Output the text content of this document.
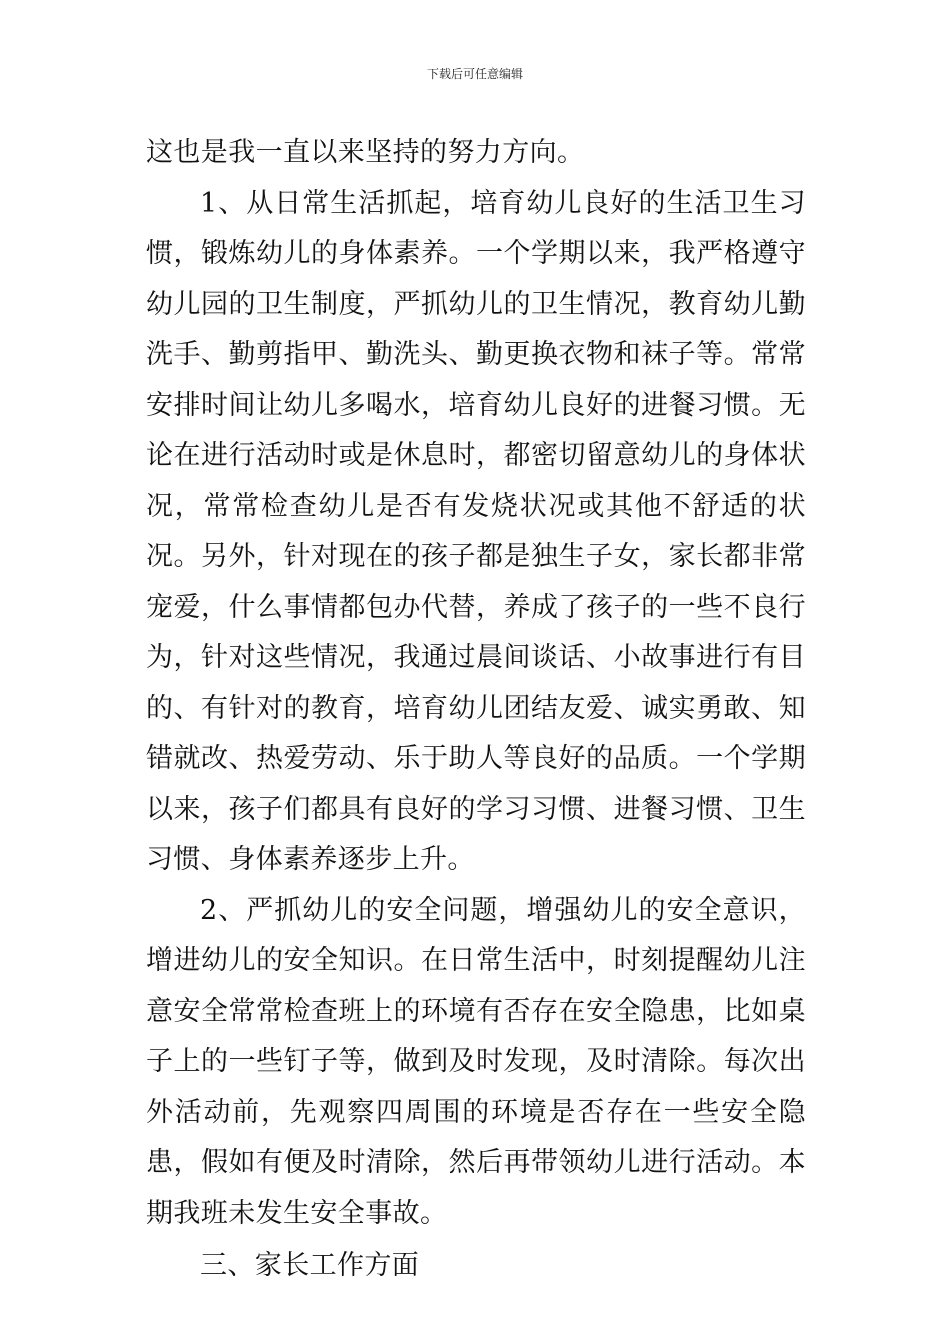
下载后可任意编辑

这也是我一直以来坚持的努力方向。

1、从日常生活抓起，培育幼儿良好的生活卫生习惯，锻炼幼儿的身体素养。一个学期以来，我严格遵守幼儿园的卫生制度，严抓幼儿的卫生情况，教育幼儿勤洗手、勤剪指甲、勤洗头、勤更换衣物和袜子等。常常安排时间让幼儿多喝水，培育幼儿良好的进餐习惯。无论在进行活动时或是休息时，都密切留意幼儿的身体状况，常常检查幼儿是否有发烧状况或其他不舒适的状况。另外，针对现在的孩子都是独生子女，家长都非常宠爱，什么事情都包办代替，养成了孩子的一些不良行为，针对这些情况，我通过晨间谈话、小故事进行有目的、有针对的教育，培育幼儿团结友爱、诚实勇敢、知错就改、热爱劳动、乐于助人等良好的品质。一个学期以来，孩子们都具有良好的学习习惯、进餐习惯、卫生习惯、身体素养逐步上升。

2、严抓幼儿的安全问题，增强幼儿的安全意识，增进幼儿的安全知识。在日常生活中，时刻提醒幼儿注意安全常常检查班上的环境有否存在安全隐患，比如桌子上的一些钉子等，做到及时发现，及时清除。每次出外活动前，先观察四周围的环境是否存在一些安全隐患，假如有便及时清除，然后再带领幼儿进行活动。本期我班未发生安全事故。

三、家长工作方面
